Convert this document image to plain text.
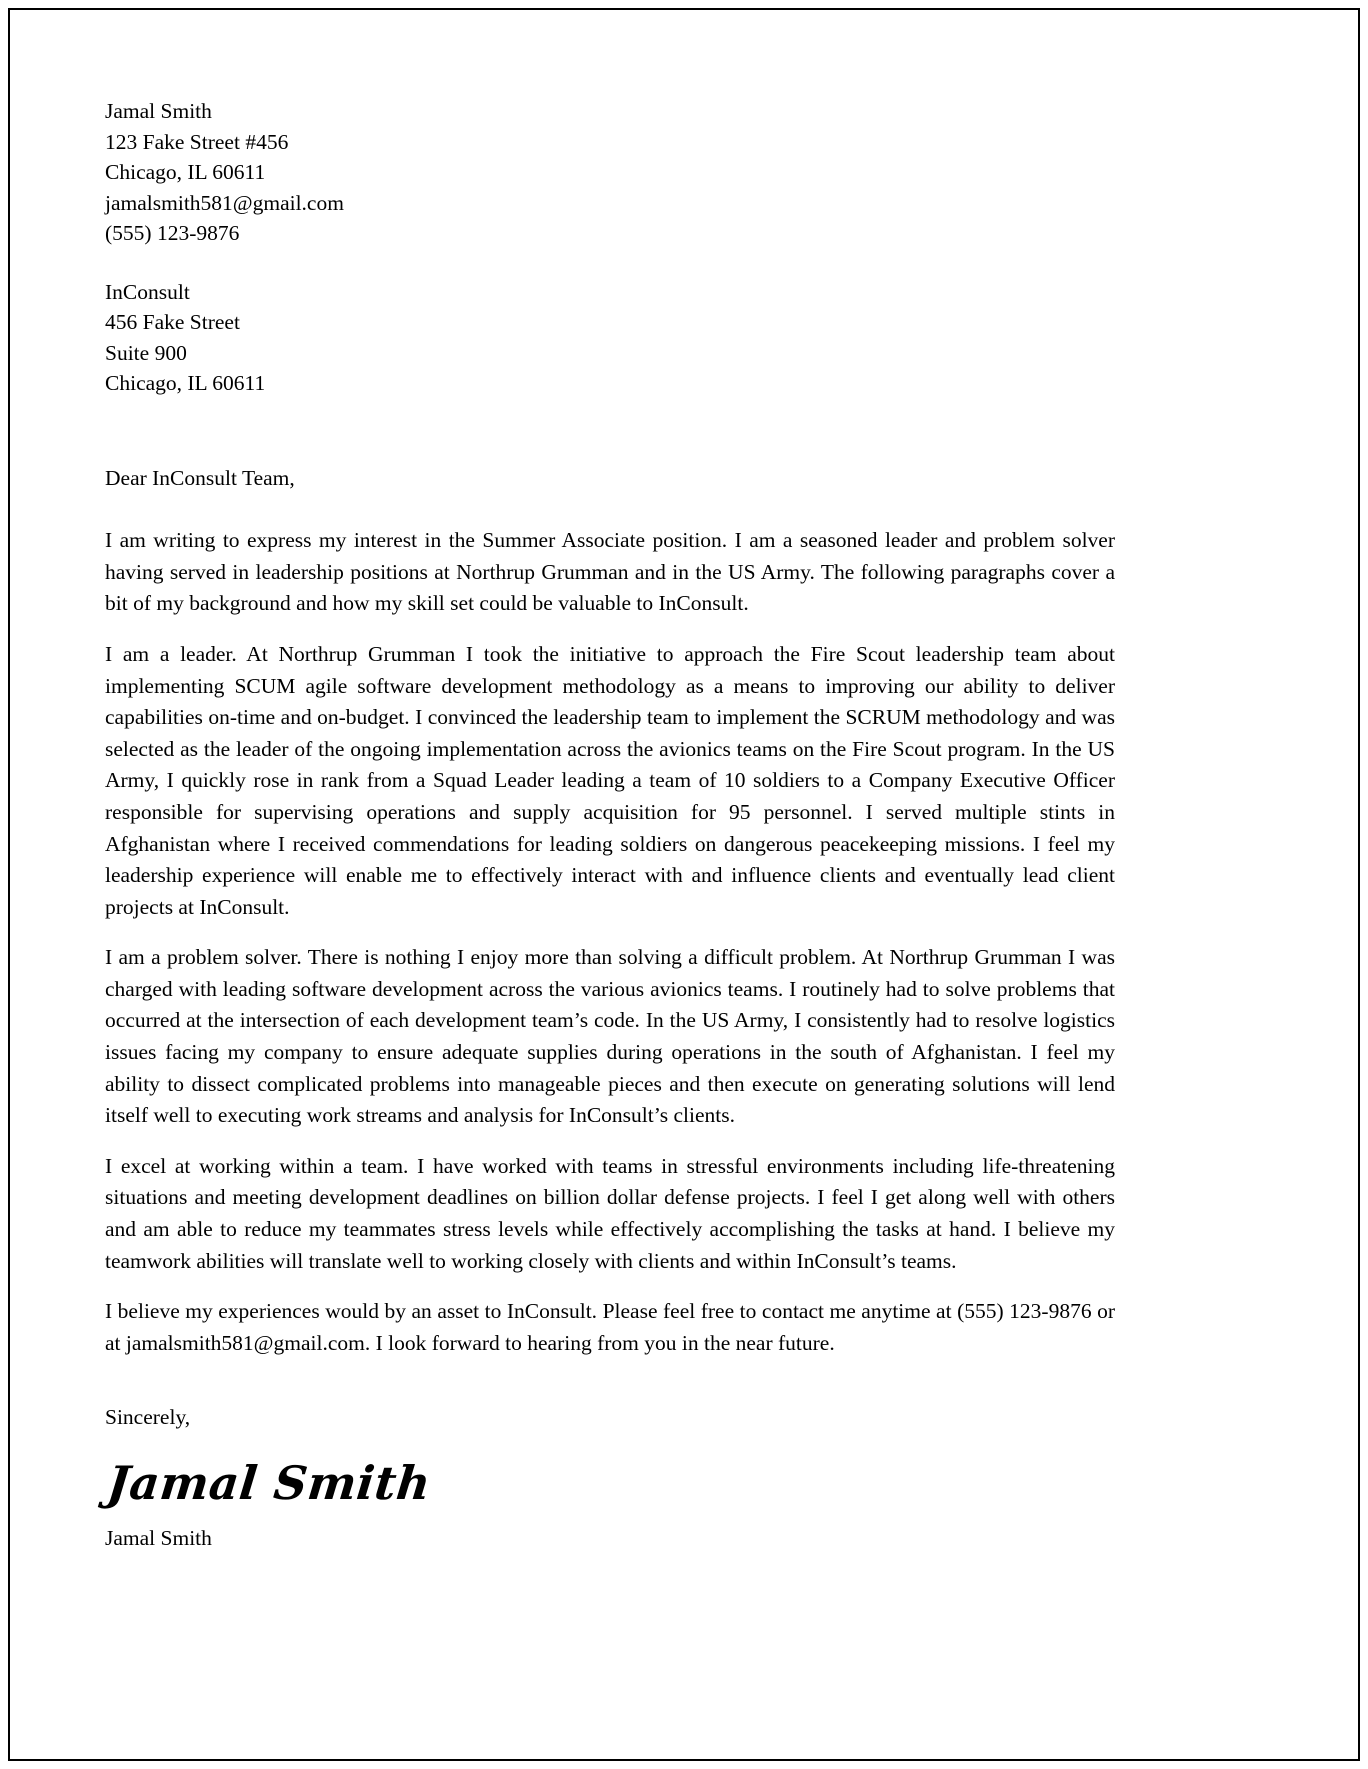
Jamal Smith
123 Fake Street #456
Chicago, IL 60611
jamalsmith581@gmail.com
(555) 123-9876
InConsult
456 Fake Street
Suite 900
Chicago, IL 60611
Dear InConsult Team,
I am writing to express my interest in the Summer Associate position. I am a seasoned leader and problem solver having served in leadership positions at Northrup Grumman and in the US Army. The following paragraphs cover a bit of my background and how my skill set could be valuable to InConsult.
I am a leader. At Northrup Grumman I took the initiative to approach the Fire Scout leadership team about implementing SCUM agile software development methodology as a means to improving our ability to deliver capabilities on-time and on-budget. I convinced the leadership team to implement the SCRUM methodology and was selected as the leader of the ongoing implementation across the avionics teams on the Fire Scout program. In the US Army, I quickly rose in rank from a Squad Leader leading a team of 10 soldiers to a Company Executive Officer responsible for supervising operations and supply acquisition for 95 personnel. I served multiple stints in Afghanistan where I received commendations for leading soldiers on dangerous peacekeeping missions. I feel my leadership experience will enable me to effectively interact with and influence clients and eventually lead client projects at InConsult.
I am a problem solver. There is nothing I enjoy more than solving a difficult problem. At Northrup Grumman I was charged with leading software development across the various avionics teams. I routinely had to solve problems that occurred at the intersection of each development team’s code. In the US Army, I consistently had to resolve logistics issues facing my company to ensure adequate supplies during operations in the south of Afghanistan. I feel my ability to dissect complicated problems into manageable pieces and then execute on generating solutions will lend itself well to executing work streams and analysis for InConsult’s clients.
I excel at working within a team. I have worked with teams in stressful environments including life-threatening situations and meeting development deadlines on billion dollar defense projects. I feel I get along well with others and am able to reduce my teammates stress levels while effectively accomplishing the tasks at hand. I believe my teamwork abilities will translate well to working closely with clients and within InConsult’s teams.
I believe my experiences would by an asset to InConsult. Please feel free to contact me anytime at (555) 123-9876 or at jamalsmith581@gmail.com. I look forward to hearing from you in the near future.
Sincerely,
Jamal Smith
Jamal Smith
